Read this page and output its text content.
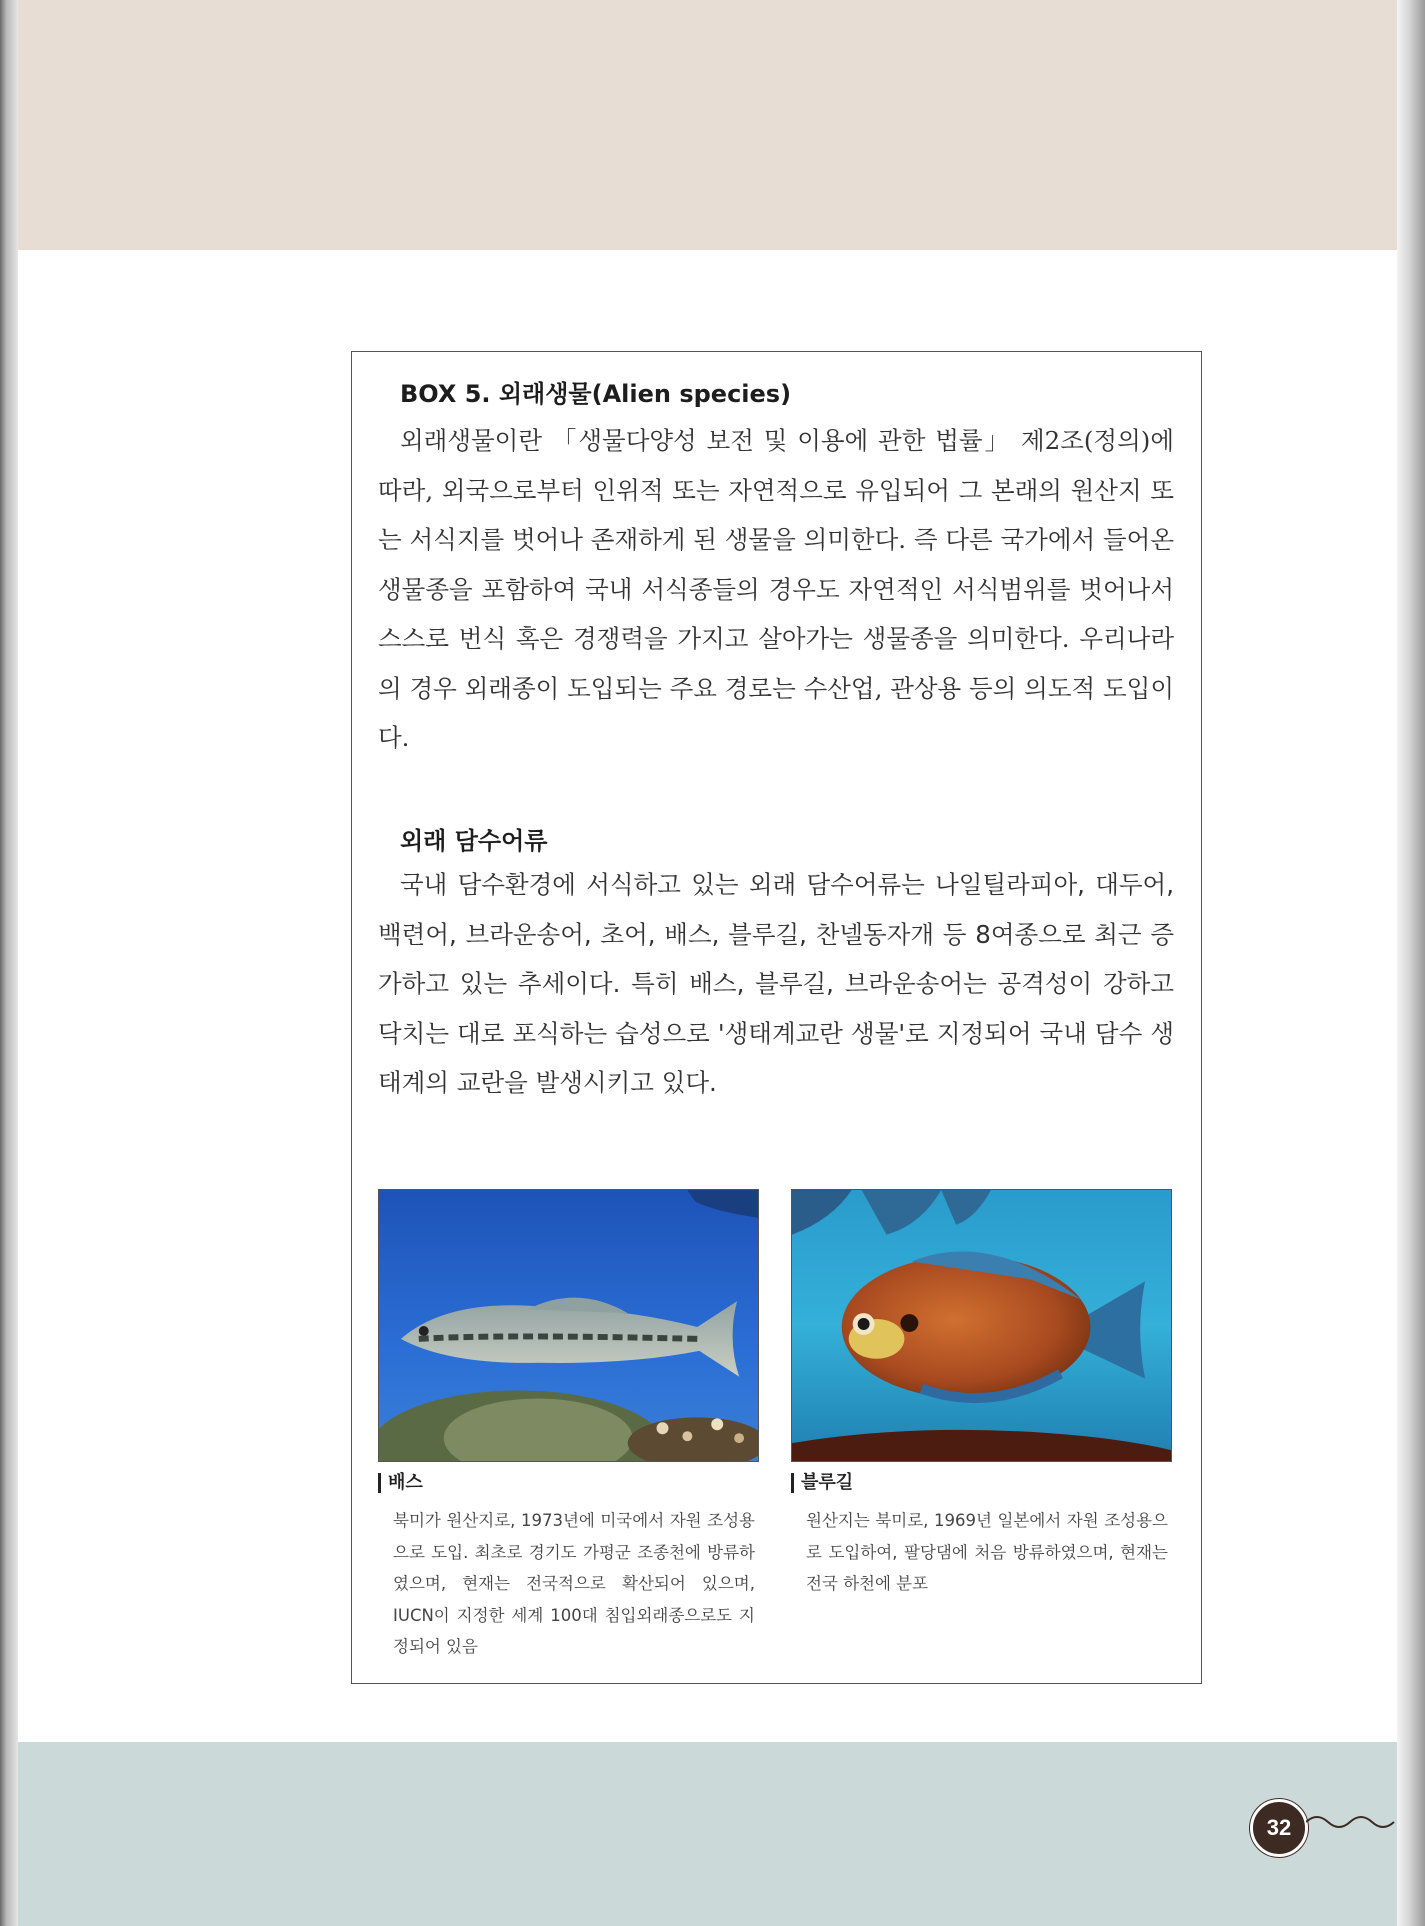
BOX 5. 외래생물(Alien species)

외래생물이란 「생물다양성 보전 및 이용에 관한 법률」 제2조(정의)에 따라, 외국으로부터 인위적 또는 자연적으로 유입되어 그 본래의 원산지 또는 서식지를 벗어나 존재하게 된 생물을 의미한다. 즉 다른 국가에서 들어온 생물종을 포함하여 국내 서식종들의 경우도 자연적인 서식범위를 벗어나서 스스로 번식 혹은 경쟁력을 가지고 살아가는 생물종을 의미한다. 우리나라의 경우 외래종이 도입되는 주요 경로는 수산업, 관상용 등의 의도적 도입이다.

외래 담수어류

국내 담수환경에 서식하고 있는 외래 담수어류는 나일틸라피아, 대두어, 백련어, 브라운송어, 초어, 배스, 블루길, 찬넬동자개 등 8여종으로 최근 증가하고 있는 추세이다. 특히 배스, 블루길, 브라운송어는 공격성이 강하고 닥치는 대로 포식하는 습성으로 '생태계교란 생물'로 지정되어 국내 담수 생태계의 교란을 발생시키고 있다.

배스

북미가 원산지로, 1973년에 미국에서 자원 조성용으로 도입. 최초로 경기도 가평군 조종천에 방류하였으며, 현재는 전국적으로 확산되어 있으며, IUCN이 지정한 세계 100대 침입외래종으로도 지정되어 있음

블루길

원산지는 북미로, 1969년 일본에서 자원 조성용으로 도입하여, 팔당댐에 처음 방류하였으며, 현재는 전국 하천에 분포

32
